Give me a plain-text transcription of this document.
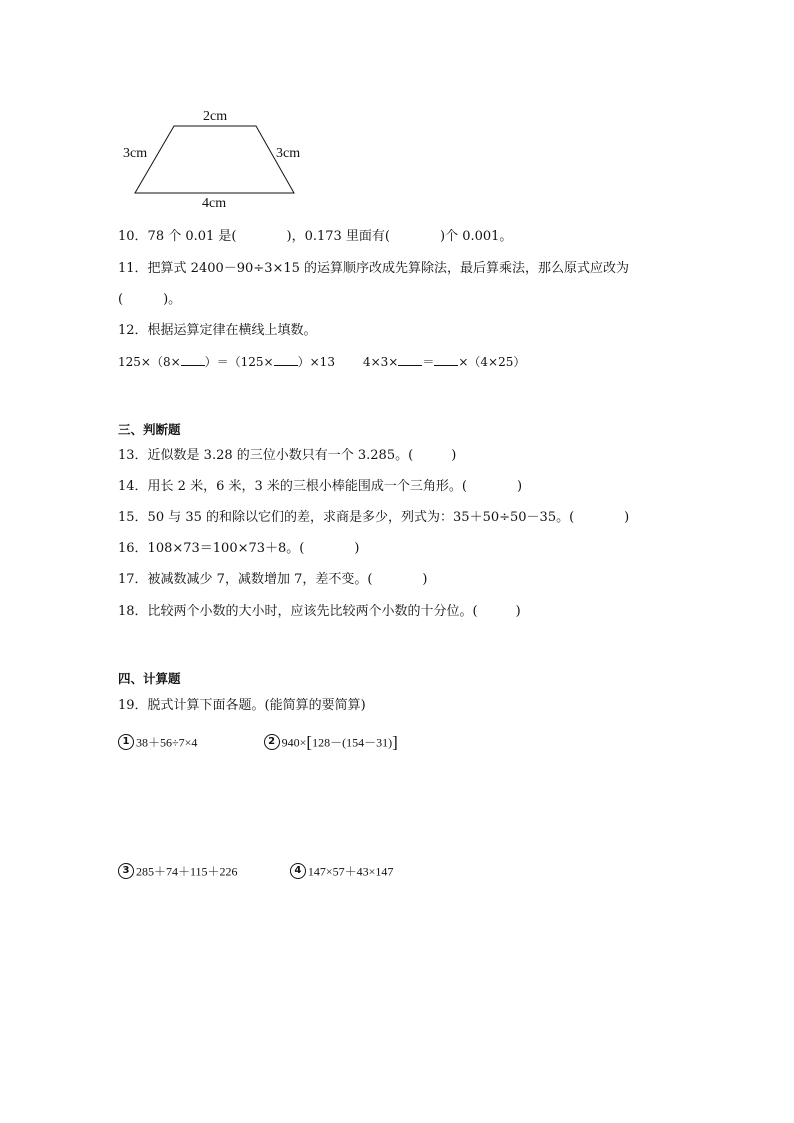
2cm
3cm	3cm
4cm
10．78 个 0.01 是(	)，0.173 里面有(	)个 0.001。
11．把算式 2400－90÷3×15 的运算顺序改成先算除法，最后算乘法，那么原式应改为
(	)。
12．根据运算定律在横线上填数。
125×（8× ）＝（125× ）×13 4×3× ＝ ×（4×25）
三、判断题
13．近似数是 3.28 的三位小数只有一个 3.285。(	)
14．用长 2 米，6 米，3 米的三根小棒能围成一个三角形。(	)
15．50 与 35 的和除以它们的差，求商是多少，列式为：35＋50÷50－35。(	)
16．108×73＝100×73＋8。(	)
17．被减数减少 7，减数增加 7，差不变。(	)
18．比较两个小数的大小时，应该先比较两个小数的十分位。(	)
四、计算题
19．脱式计算下面各题。(能简算的要简算)
1 38＋56÷7×4	2 940×[128－(154－31)]
3 285＋74＋115＋226	4 147×57＋43×147
